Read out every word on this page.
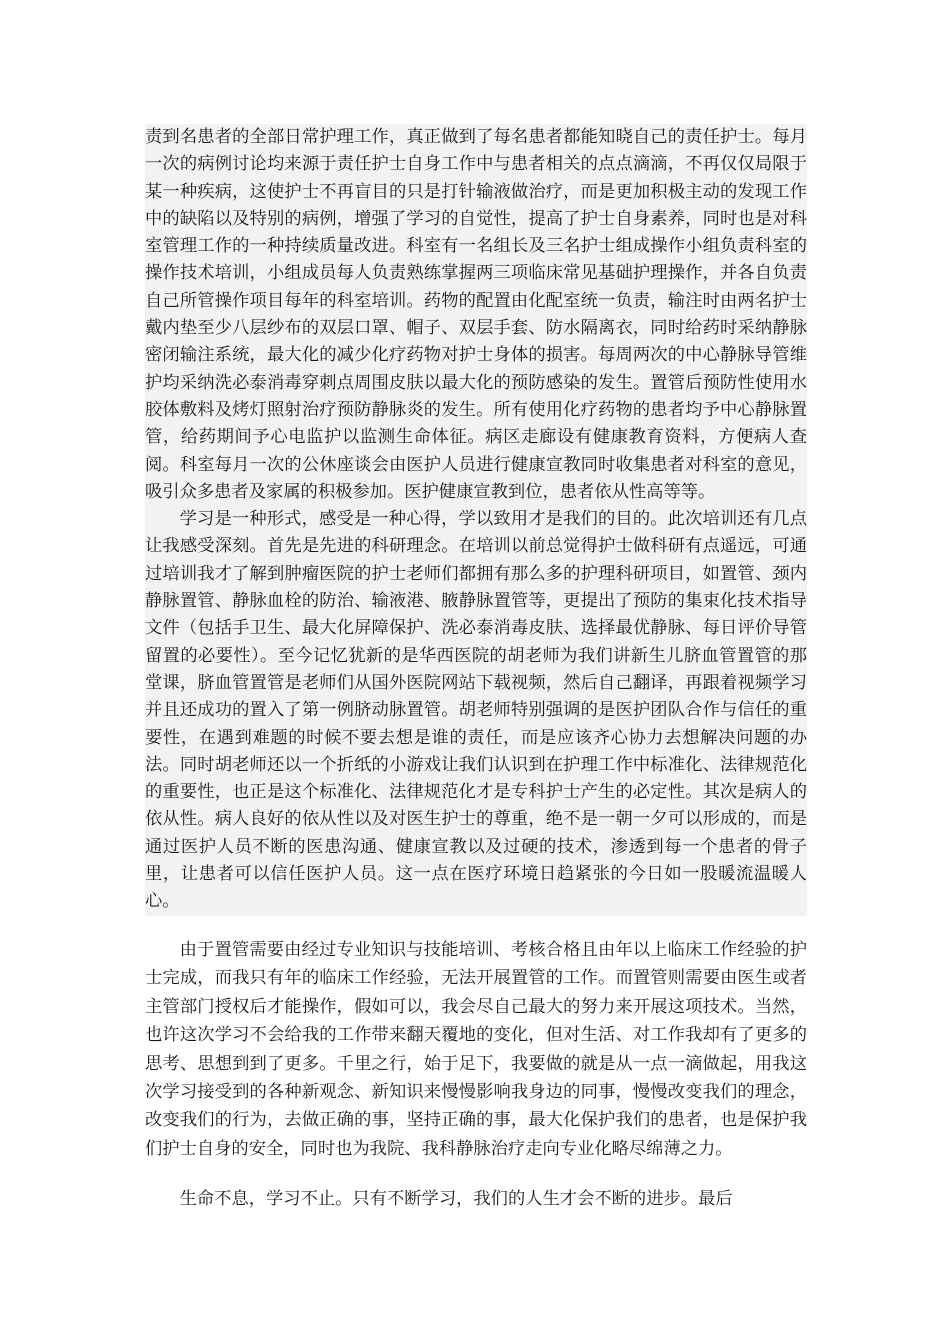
责到名患者的全部日常护理工作，真正做到了每名患者都能知晓自己的责任护士。每月一次的病例讨论均来源于责任护士自身工作中与患者相关的点点滴滴，不再仅仅局限于某一种疾病，这使护士不再盲目的只是打针输液做治疗，而是更加积极主动的发现工作中的缺陷以及特别的病例，增强了学习的自觉性，提高了护士自身素养，同时也是对科室管理工作的一种持续质量改进。科室有一名组长及三名护士组成操作小组负责科室的操作技术培训，小组成员每人负责熟练掌握两三项临床常见基础护理操作，并各自负责自己所管操作项目每年的科室培训。药物的配置由化配室统一负责，输注时由两名护士戴内垫至少八层纱布的双层口罩、帽子、双层手套、防水隔离衣，同时给药时采纳静脉密闭输注系统，最大化的减少化疗药物对护士身体的损害。每周两次的中心静脉导管维护均采纳洗必泰消毒穿刺点周围皮肤以最大化的预防感染的发生。置管后预防性使用水胶体敷料及烤灯照射治疗预防静脉炎的发生。所有使用化疗药物的患者均予中心静脉置管，给药期间予心电监护以监测生命体征。病区走廊设有健康教育资料，方便病人查阅。科室每月一次的公休座谈会由医护人员进行健康宣教同时收集患者对科室的意见，吸引众多患者及家属的积极参加。医护健康宣教到位，患者依从性高等等。

学习是一种形式，感受是一种心得，学以致用才是我们的目的。此次培训还有几点让我感受深刻。首先是先进的科研理念。在培训以前总觉得护士做科研有点遥远，可通过培训我才了解到肿瘤医院的护士老师们都拥有那么多的护理科研项目，如置管、颈内静脉置管、静脉血栓的防治、输液港、腋静脉置管等，更提出了预防的集束化技术指导文件（包括手卫生、最大化屏障保护、洗必泰消毒皮肤、选择最优静脉、每日评价导管留置的必要性）。至今记忆犹新的是华西医院的胡老师为我们讲新生儿脐血管置管的那堂课，脐血管置管是老师们从国外医院网站下载视频，然后自己翻译，再跟着视频学习并且还成功的置入了第一例脐动脉置管。胡老师特别强调的是医护团队合作与信任的重要性，在遇到难题的时候不要去想是谁的责任，而是应该齐心协力去想解决问题的办法。同时胡老师还以一个折纸的小游戏让我们认识到在护理工作中标准化、法律规范化的重要性，也正是这个标准化、法律规范化才是专科护士产生的必定性。其次是病人的依从性。病人良好的依从性以及对医生护士的尊重，绝不是一朝一夕可以形成的，而是通过医护人员不断的医患沟通、健康宣教以及过硬的技术，渗透到每一个患者的骨子里，让患者可以信任医护人员。这一点在医疗环境日趋紧张的今日如一股暖流温暖人心。

由于置管需要由经过专业知识与技能培训、考核合格且由年以上临床工作经验的护士完成，而我只有年的临床工作经验，无法开展置管的工作。而置管则需要由医生或者主管部门授权后才能操作，假如可以，我会尽自己最大的努力来开展这项技术。当然，也许这次学习不会给我的工作带来翻天覆地的变化，但对生活、对工作我却有了更多的思考、思想到到了更多。千里之行，始于足下，我要做的就是从一点一滴做起，用我这次学习接受到的各种新观念、新知识来慢慢影响我身边的同事，慢慢改变我们的理念，改变我们的行为，去做正确的事，坚持正确的事，最大化保护我们的患者，也是保护我们护士自身的安全，同时也为我院、我科静脉治疗走向专业化略尽绵薄之力。

生命不息，学习不止。只有不断学习，我们的人生才会不断的进步。最后
